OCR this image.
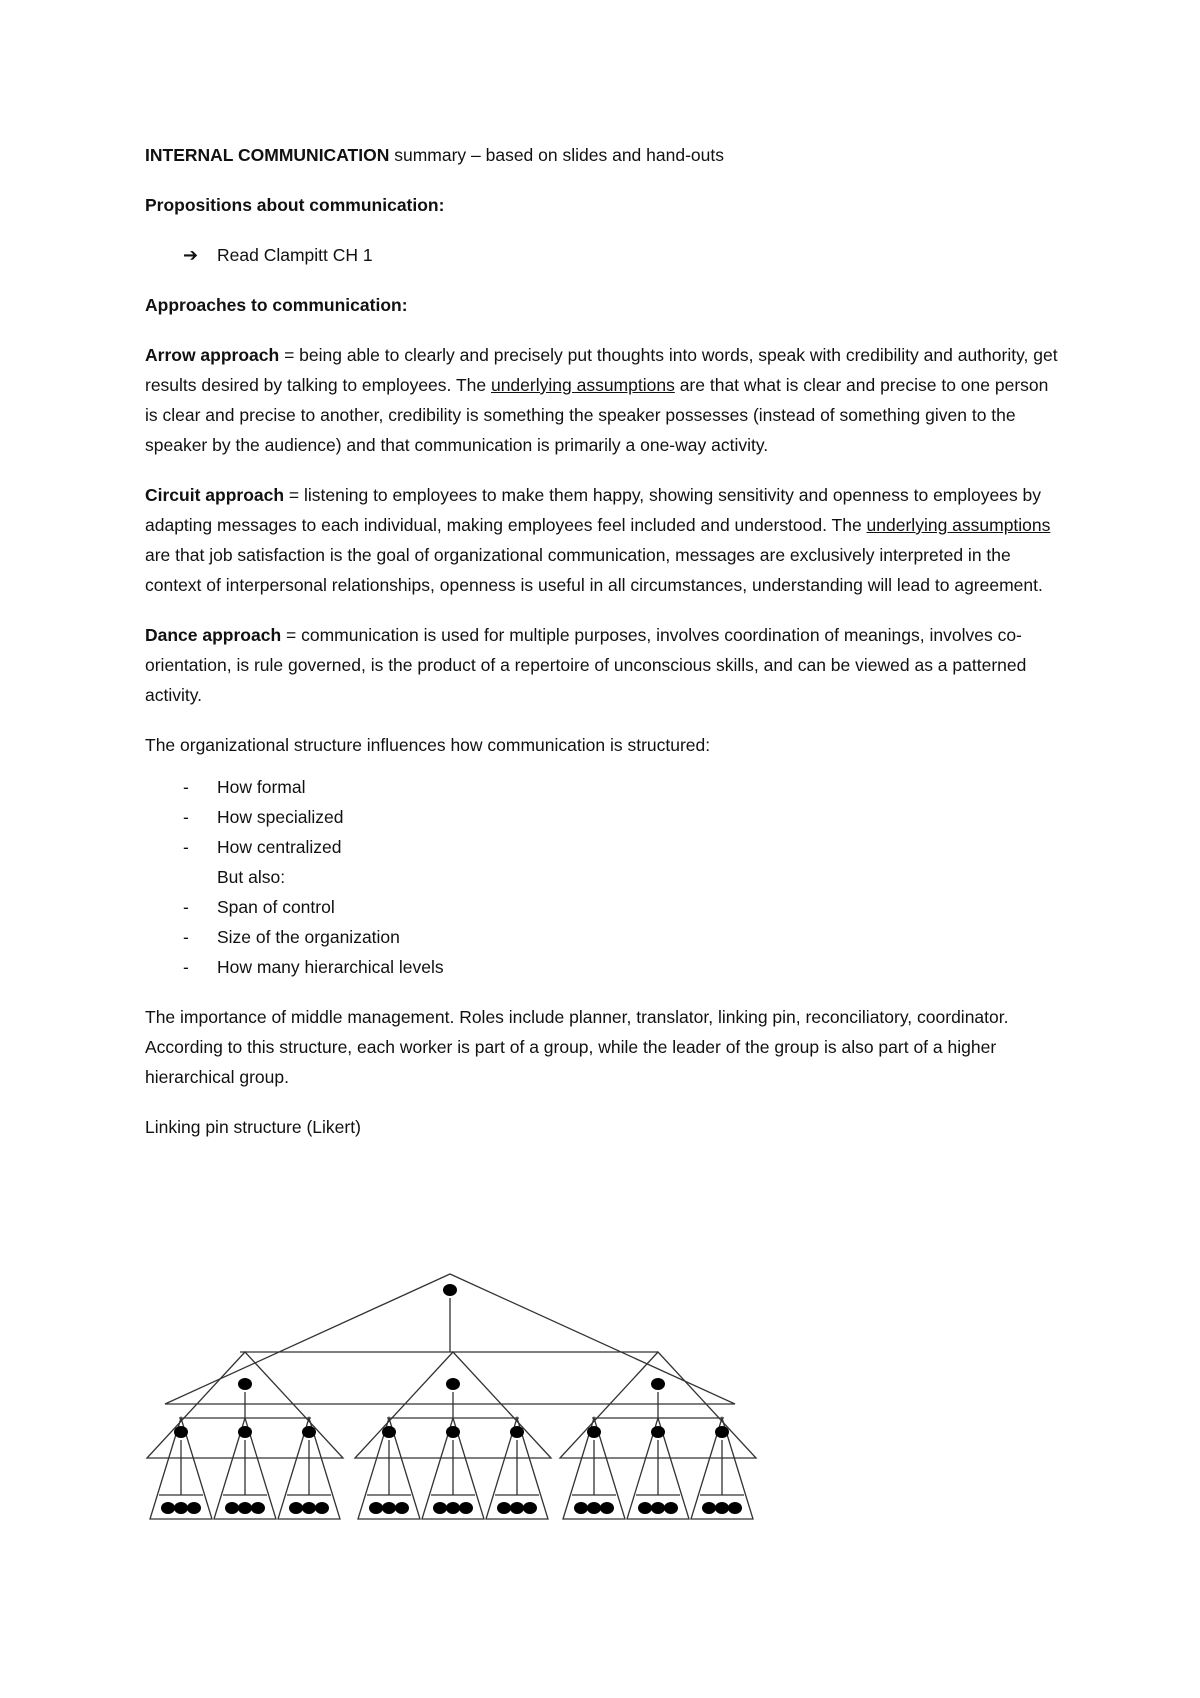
INTERNAL COMMUNICATION summary – based on slides and hand-outs

Propositions about communication:

➔ Read Clampitt CH 1

Approaches to communication:

Arrow approach = being able to clearly and precisely put thoughts into words, speak with credibility and authority, get results desired by talking to employees. The underlying assumptions are that what is clear and precise to one person is clear and precise to another, credibility is something the speaker possesses (instead of something given to the speaker by the audience) and that communication is primarily a one-way activity.

Circuit approach = listening to employees to make them happy, showing sensitivity and openness to employees by adapting messages to each individual, making employees feel included and understood. The underlying assumptions are that job satisfaction is the goal of organizational communication, messages are exclusively interpreted in the context of interpersonal relationships, openness is useful in all circumstances, understanding will lead to agreement.

Dance approach = communication is used for multiple purposes, involves coordination of meanings, involves co-orientation, is rule governed, is the product of a repertoire of unconscious skills, and can be viewed as a patterned activity.

The organizational structure influences how communication is structured:

- How formal
- How specialized
- How centralized
But also:
- Span of control
- Size of the organization
- How many hierarchical levels

The importance of middle management. Roles include planner, translator, linking pin, reconciliatory, coordinator.

According to this structure, each worker is part of a group, while the leader of the group is also part of a higher hierarchical group.

Linking pin structure (Likert)
